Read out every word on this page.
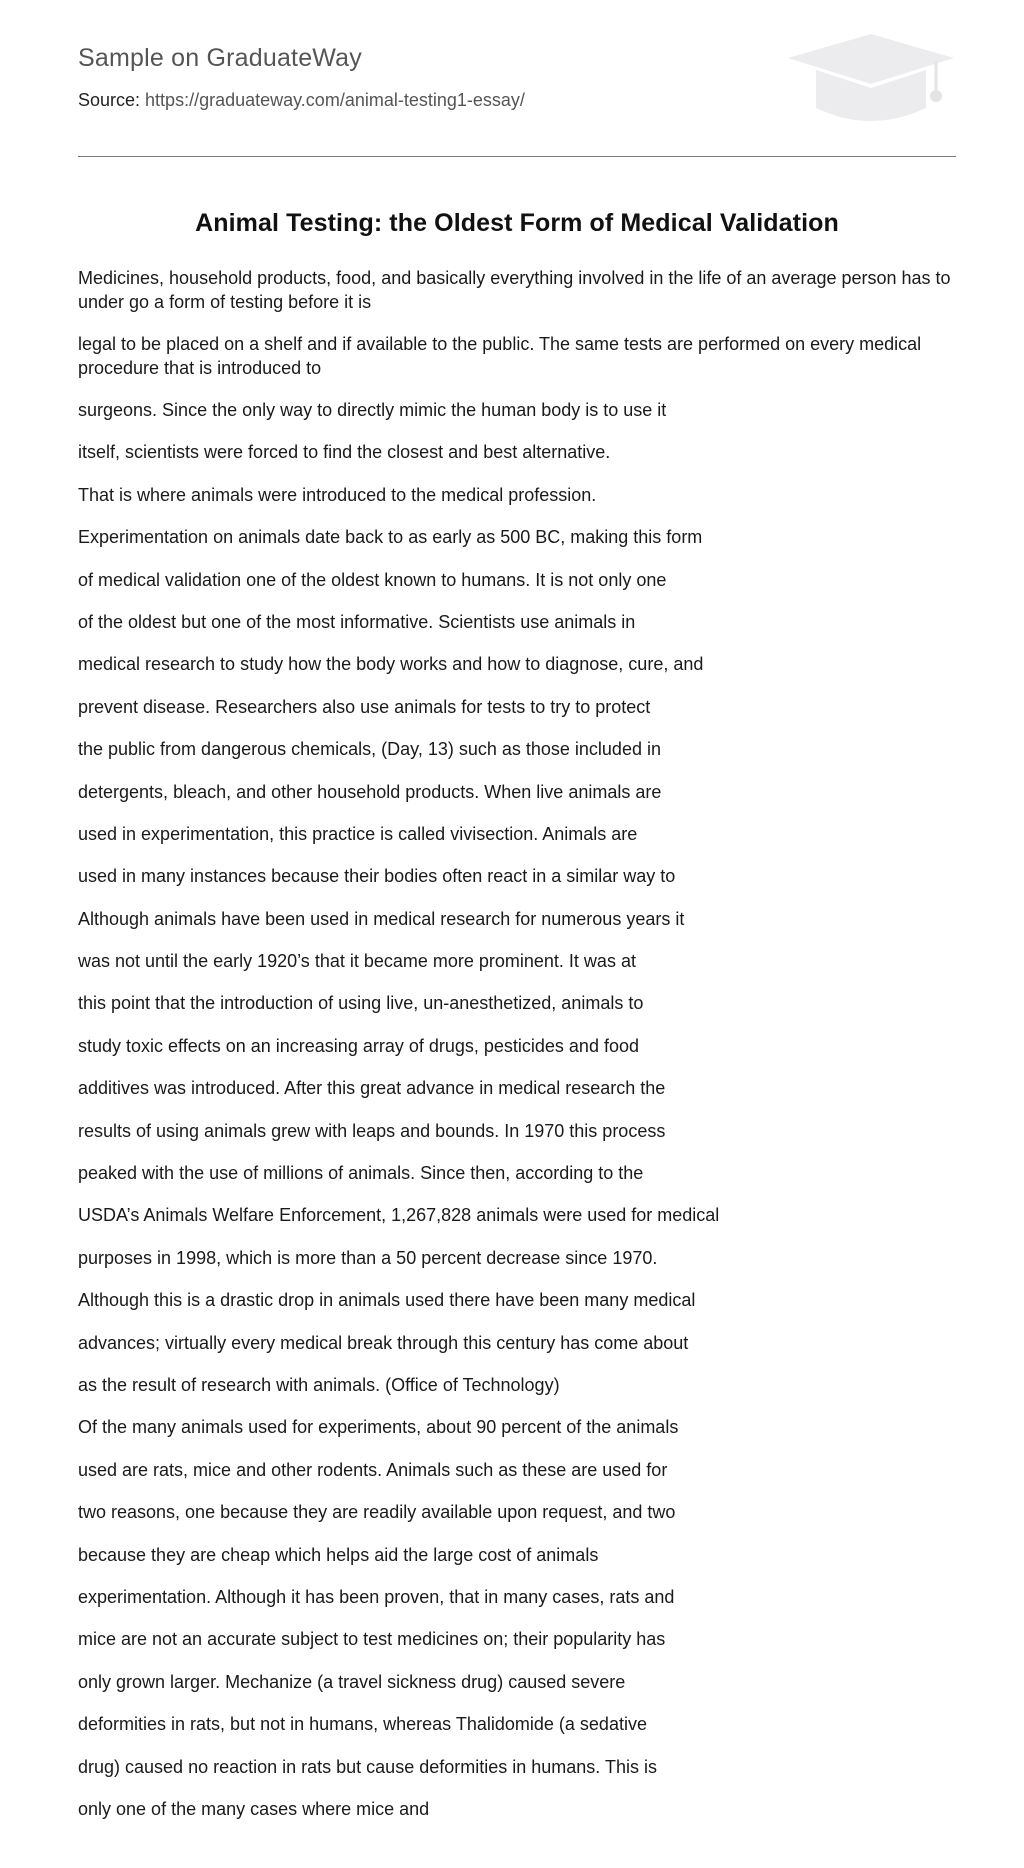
Sample on GraduateWay
Source: https://graduateway.com/animal-testing1-essay/
Animal Testing: the Oldest Form of Medical Validation

Medicines, household products, food, and basically everything involved in the life of an average person has to under go a form of testing before it is

legal to be placed on a shelf and if available to the public. The same tests are performed on every medical procedure that is introduced to

surgeons. Since the only way to directly mimic the human body is to use it
itself, scientists were forced to find the closest and best alternative.
That is where animals were introduced to the medical profession.
Experimentation on animals date back to as early as 500 BC, making this form
of medical validation one of the oldest known to humans. It is not only one
of the oldest but one of the most informative. Scientists use animals in
medical research to study how the body works and how to diagnose, cure, and
prevent disease. Researchers also use animals for tests to try to protect
the public from dangerous chemicals, (Day, 13) such as those included in
detergents, bleach, and other household products. When live animals are
used in experimentation, this practice is called vivisection. Animals are
used in many instances because their bodies often react in a similar way to
Although animals have been used in medical research for numerous years it
was not until the early 1920’s that it became more prominent. It was at
this point that the introduction of using live, un-anesthetized, animals to
study toxic effects on an increasing array of drugs, pesticides and food
additives was introduced. After this great advance in medical research the
results of using animals grew with leaps and bounds. In 1970 this process
peaked with the use of millions of animals. Since then, according to the
USDA’s Animals Welfare Enforcement, 1,267,828 animals were used for medical
purposes in 1998, which is more than a 50 percent decrease since 1970.
Although this is a drastic drop in animals used there have been many medical
advances; virtually every medical break through this century has come about
as the result of research with animals. (Office of Technology)
Of the many animals used for experiments, about 90 percent of the animals
used are rats, mice and other rodents. Animals such as these are used for
two reasons, one because they are readily available upon request, and two
because they are cheap which helps aid the large cost of animals
experimentation. Although it has been proven, that in many cases, rats and
mice are not an accurate subject to test medicines on; their popularity has
only grown larger. Mechanize (a travel sickness drug) caused severe
deformities in rats, but not in humans, whereas Thalidomide (a sedative
drug) caused no reaction in rats but cause deformities in humans. This is
only one of the many cases where mice and
